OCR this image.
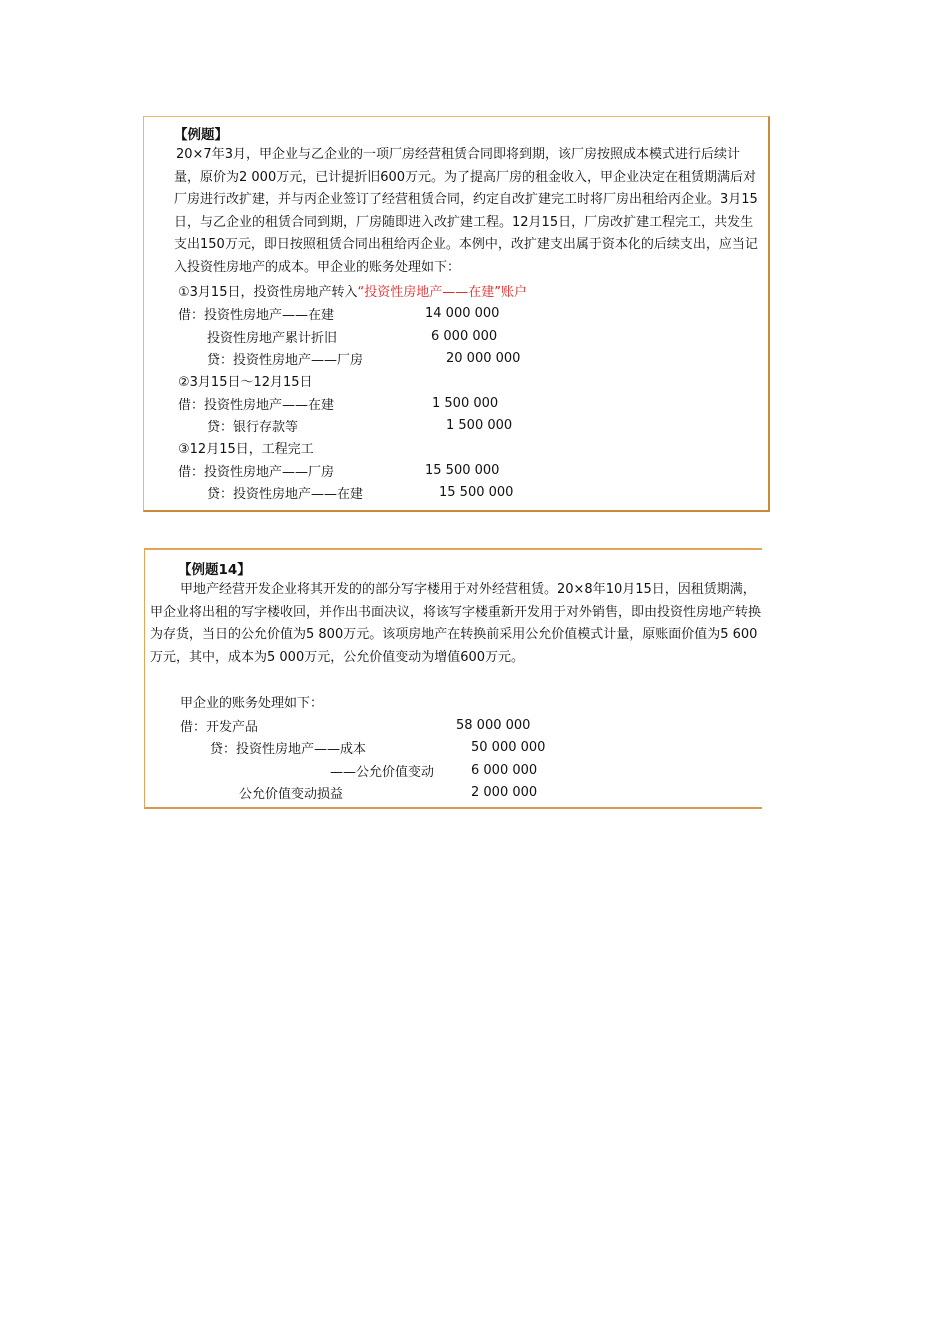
【例题】

20×7年3月，甲企业与乙企业的一项厂房经营租赁合同即将到期，该厂房按照成本模式进行后续计量，原价为2 000万元，已计提折旧600万元。为了提高厂房的租金收入，甲企业决定在租赁期满后对厂房进行改扩建，并与丙企业签订了经营租赁合同，约定自改扩建完工时将厂房出租给丙企业。3月15日，与乙企业的租赁合同到期，厂房随即进入改扩建工程。12月15日，厂房改扩建工程完工，共发生支出150万元，即日按照租赁合同出租给丙企业。本例中，改扩建支出属于资本化的后续支出，应当记入投资性房地产的成本。甲企业的账务处理如下：

①3月15日，投资性房地产转入“投资性房地产——在建”账户
借：投资性房地产——在建	14 000 000
投资性房地产累计折旧	6 000 000
贷：投资性房地产——厂房	20 000 000
②3月15日～12月15日
借：投资性房地产——在建	1 500 000
贷：银行存款等	1 500 000
③12月15日，工程完工
借：投资性房地产——厂房	15 500 000
贷：投资性房地产——在建	15 500 000
【例题14】

甲地产经营开发企业将其开发的的部分写字楼用于对外经营租赁。20×8年10月15日，因租赁期满，甲企业将出租的写字楼收回，并作出书面决议，将该写字楼重新开发用于对外销售，即由投资性房地产转换为存货，当日的公允价值为5 800万元。该项房地产在转换前采用公允价值模式计量，原账面价值为5 600万元，其中，成本为5 000万元，公允价值变动为增值600万元。

甲企业的账务处理如下：
借：开发产品	58 000 000
贷：投资性房地产——成本	50 000 000
——公允价值变动	6 000 000
公允价值变动损益	2 000 000
